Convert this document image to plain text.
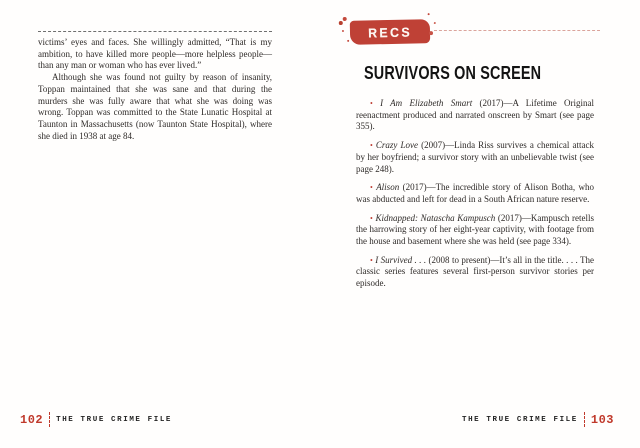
victims’ eyes and faces. She willingly admitted, “That is my ambition, to have killed more people—more helpless people—than any man or woman who has ever lived.”

Although she was found not guilty by reason of insanity, Toppan maintained that she was sane and that during the murders she was fully aware that what she was doing was wrong. Toppan was committed to the State Lunatic Hospital at Taunton in Massachusetts (now Taunton State Hospital), where she died in 1938 at age 84.

102 THE TRUE CRIME FILE
RECS
SURVIVORS ON SCREEN

• I Am Elizabeth Smart (2017)—A Lifetime Original reenactment produced and narrated onscreen by Smart (see page 355).

• Crazy Love (2007)—Linda Riss survives a chemical attack by her boyfriend; a survivor story with an unbelievable twist (see page 248).

• Alison (2017)—The incredible story of Alison Botha, who was abducted and left for dead in a South African nature reserve.

• Kidnapped: Natascha Kampusch (2017)—Kampusch retells the harrowing story of her eight-year captivity, with footage from the house and basement where she was held (see page 334).

• I Survived . . . (2008 to present)—It’s all in the title. . . . The classic series features several first-person survivor stories per episode.

THE TRUE CRIME FILE 103
